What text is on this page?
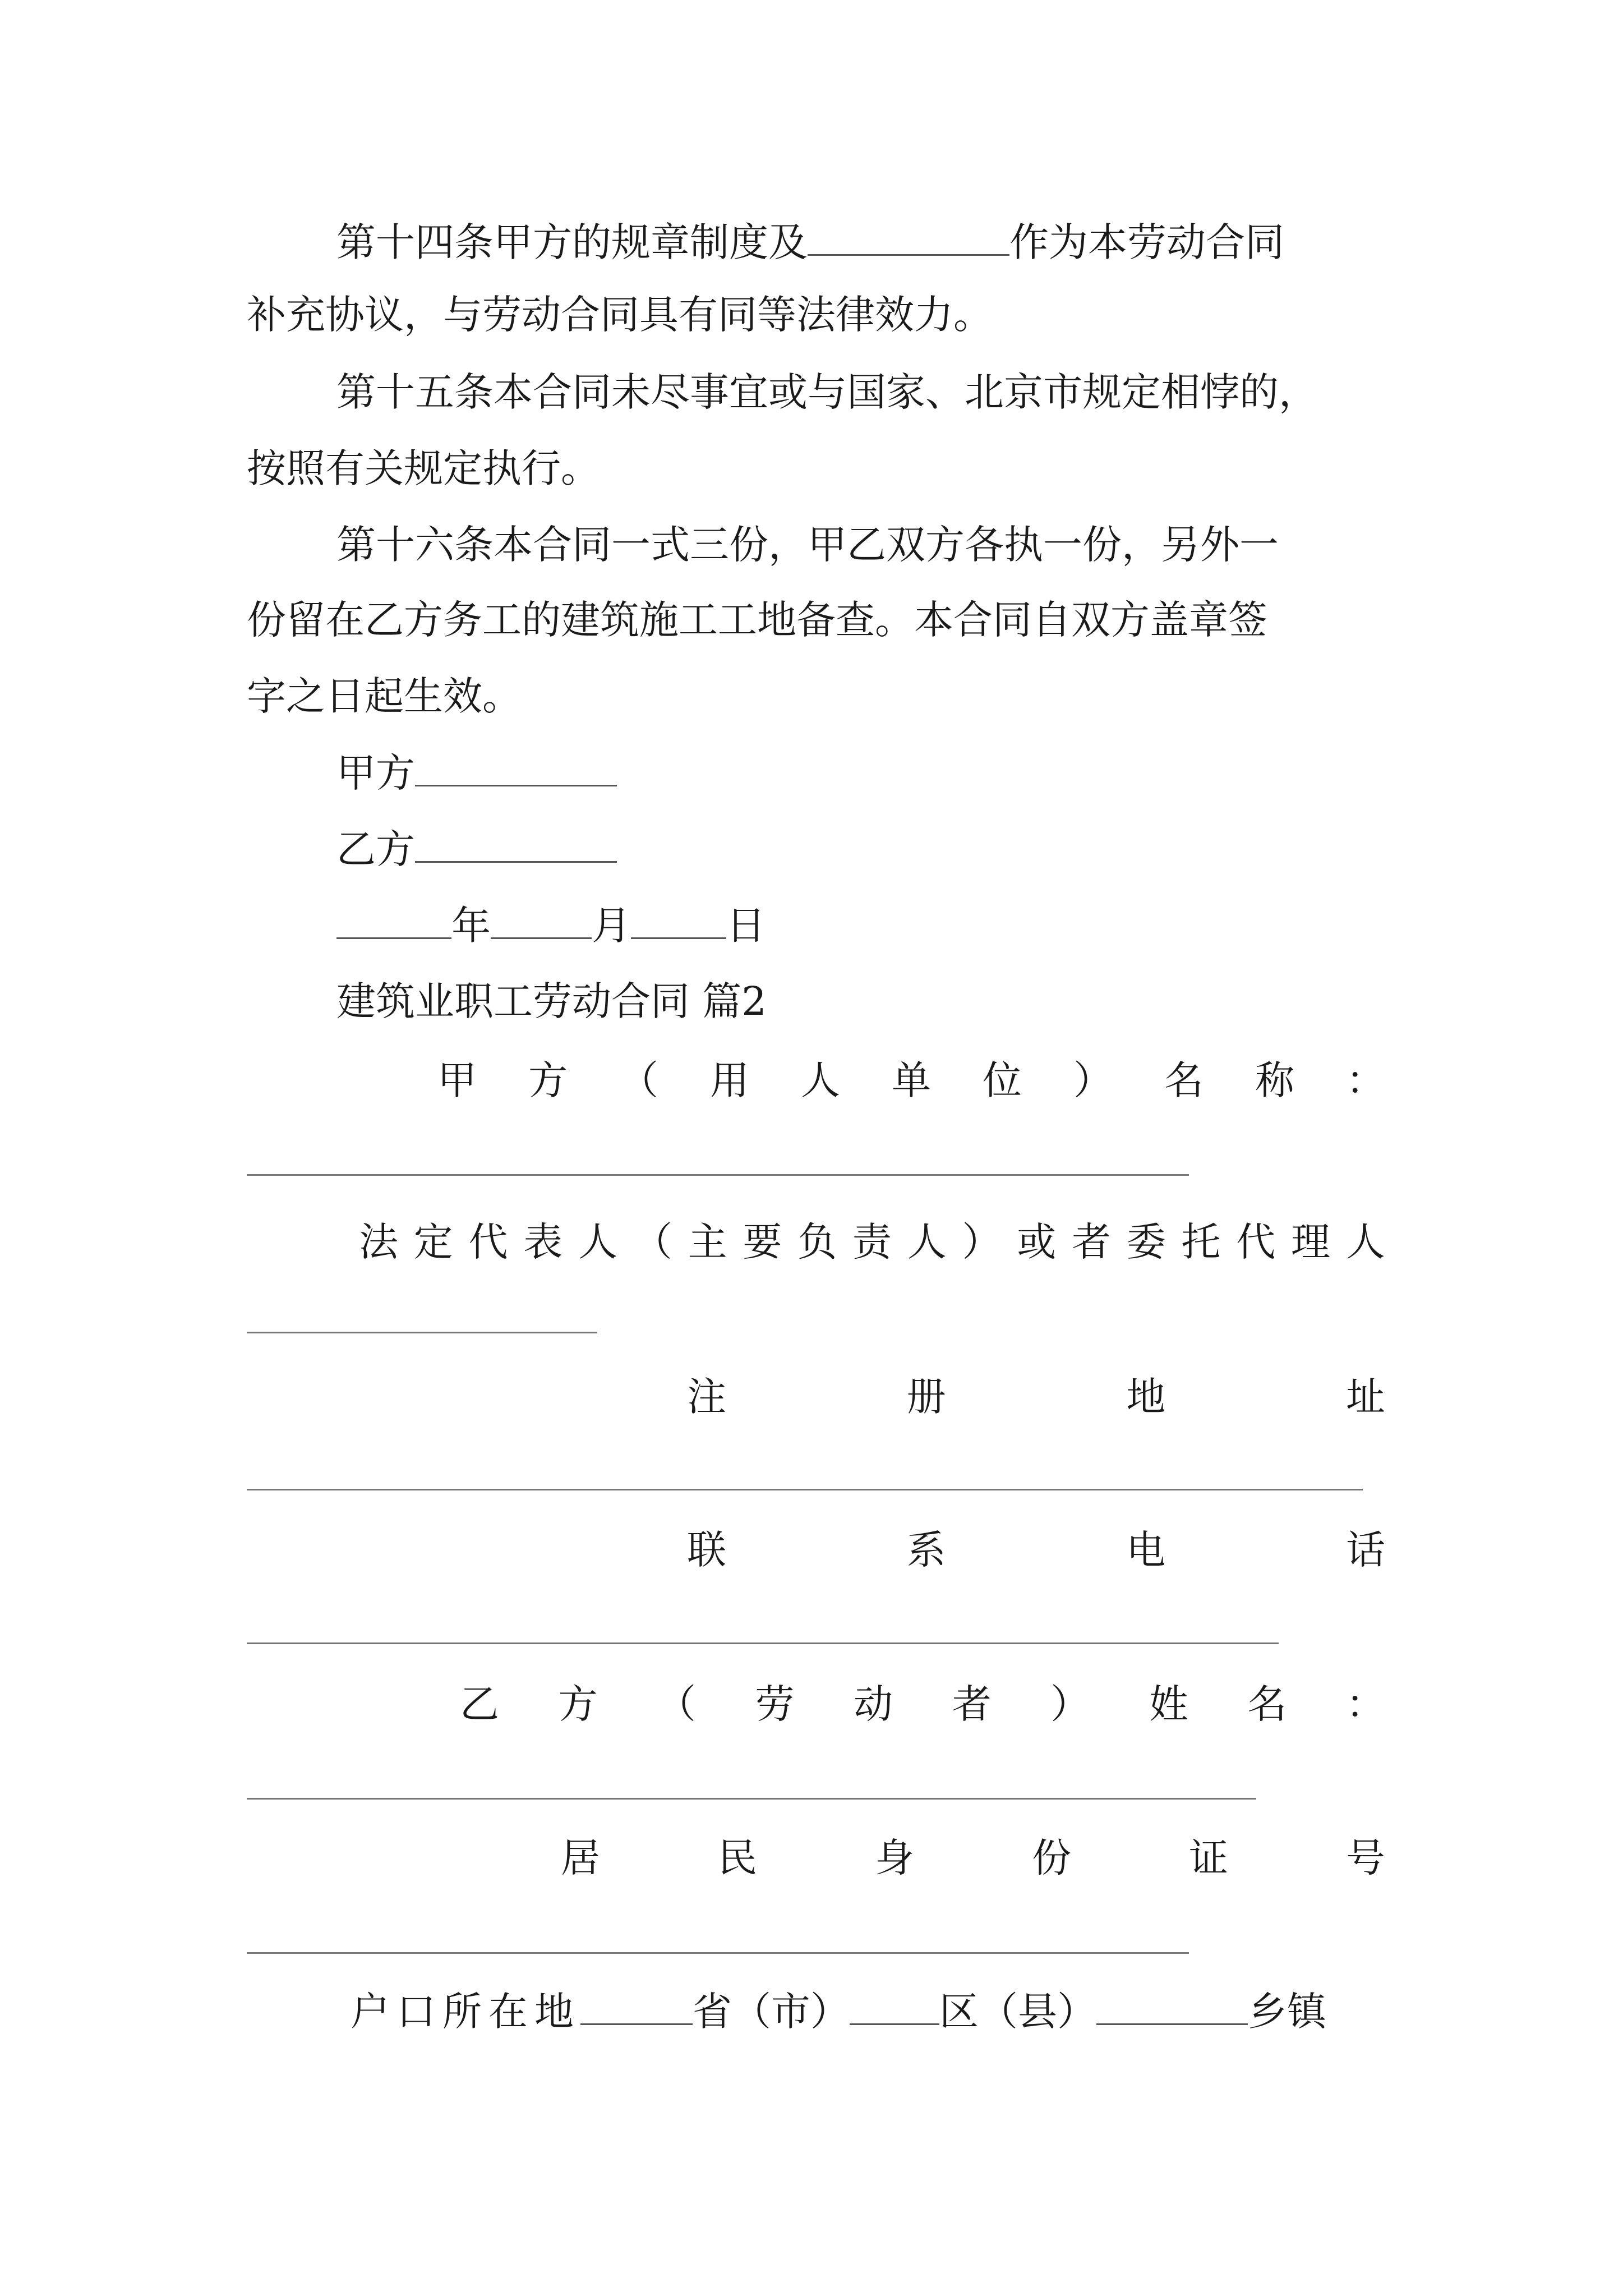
第十四条甲方的规章制度及	作为本劳动合同
补充协议，与劳动合同具有同等法律效力。
第十五条本合同未尽事宜或与国家、北京市规定相悖的，
按照有关规定执行。
第十六条本合同一式三份，甲乙双方各执一份，另外一
份留在乙方务工的建筑施工工地备查。本合同自双方盖章签
字之日起生效。
甲方
乙方
年	月 日
建筑业职工劳动合同 篇2
甲 方 （ 用 人 单 位 ） 名 称 ：
法 定 代 表 人 （ 主 要 负 责 人 ） 或 者 委 托 代 理 人
注	册	地	址
联	系	电	话
乙 方 （ 劳 动 者 ） 姓 名 ：
居	民	身	份	证	号
户口所在地	省（市） 区（县）	乡镇
